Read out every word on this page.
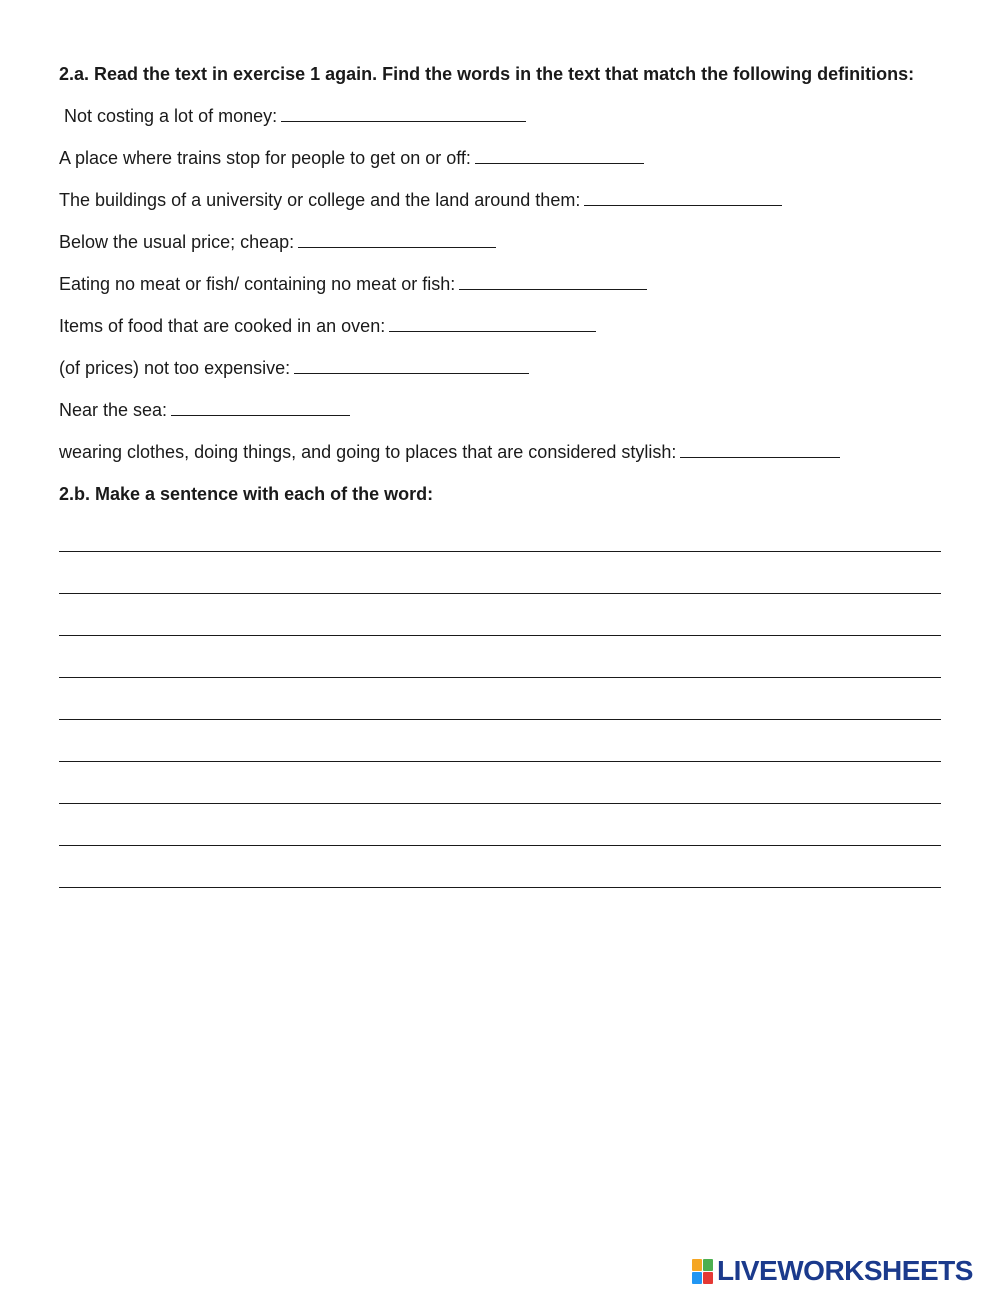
2.a. Read the text in exercise 1 again. Find the words in the text that match the following definitions:

Not costing a lot of money:
A place where trains stop for people to get on or off:
The buildings of a university or college and the land around them:
Below the usual price; cheap:
Eating no meat or fish/ containing no meat or fish:
Items of food that are cooked in an oven:
(of prices) not too expensive:
Near the sea:
wearing clothes, doing things, and going to places that are considered stylish:

2.b. Make a sentence with each of the word:

LIVEWORKSHEETS
